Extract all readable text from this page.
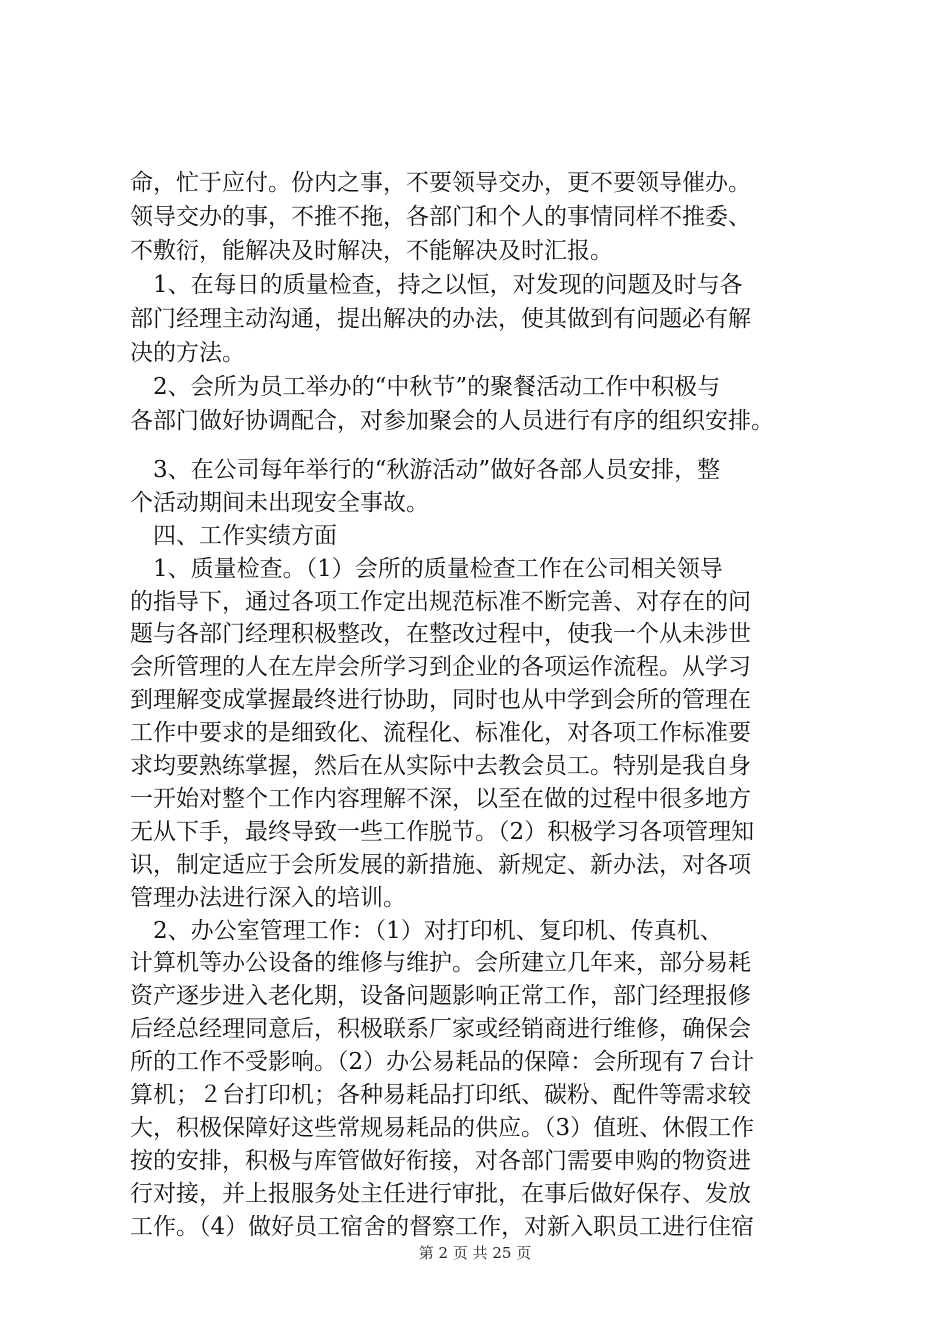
命，忙于应付。份内之事，不要领导交办，更不要领导催办。
领导交办的事，不推不拖，各部门和个人的事情同样不推委、
不敷衍，能解决及时解决，不能解决及时汇报。
　1、在每日的质量检查，持之以恒，对发现的问题及时与各
部门经理主动沟通，提出解决的办法，使其做到有问题必有解
决的方法。
　2、会所为员工举办的“中秋节”的聚餐活动工作中积极与
各部门做好协调配合，对参加聚会的人员进行有序的组织安排。
　3、在公司每年举行的“秋游活动”做好各部人员安排，整
个活动期间未出现安全事故。
　四、工作实绩方面
　1、质量检查。（1）会所的质量检查工作在公司相关领导
的指导下，通过各项工作定出规范标准不断完善、对存在的问
题与各部门经理积极整改，在整改过程中，使我一个从未涉世
会所管理的人在左岸会所学习到企业的各项运作流程。从学习
到理解变成掌握最终进行协助，同时也从中学到会所的管理在
工作中要求的是细致化、流程化、标准化，对各项工作标准要
求均要熟练掌握，然后在从实际中去教会员工。特别是我自身
一开始对整个工作内容理解不深，以至在做的过程中很多地方
无从下手，最终导致一些工作脱节。（2）积极学习各项管理知
识，制定适应于会所发展的新措施、新规定、新办法，对各项
管理办法进行深入的培训。
　2、办公室管理工作：（1）对打印机、复印机、传真机、
计算机等办公设备的维修与维护。会所建立几年来，部分易耗
资产逐步进入老化期，设备问题影响正常工作，部门经理报修
后经总经理同意后，积极联系厂家或经销商进行维修，确保会
所的工作不受影响。（2）办公易耗品的保障：会所现有７台计
算机；２台打印机；各种易耗品打印纸、碳粉、配件等需求较
大，积极保障好这些常规易耗品的供应。（3）值班、休假工作
按的安排，积极与库管做好衔接，对各部门需要申购的物资进
行对接，并上报服务处主任进行审批，在事后做好保存、发放
工作。（4）做好员工宿舍的督察工作，对新入职员工进行住宿
第 2 页 共 25 页
